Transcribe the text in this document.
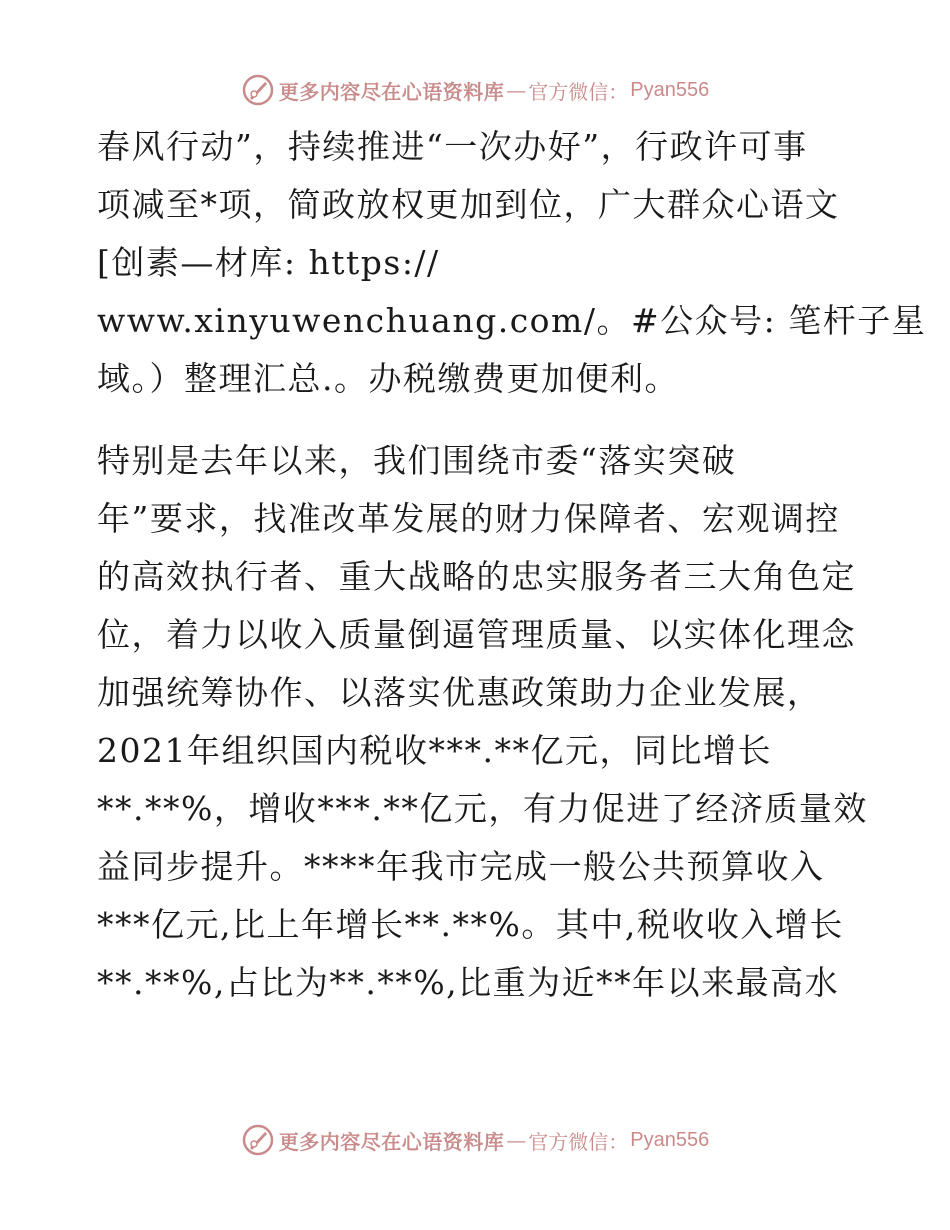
更多内容尽在心语资料库 — 官方微信： Pyan556
春风行动”，持续推进“一次办好”，行政许可事
项减至*项，简政放权更加到位，广大群众心语文
[创素—材库: https://
www.xinyuwenchuang.com/。#公众号: 笔杆子星
域。）整理汇总.。办税缴费更加便利。
特别是去年以来，我们围绕市委“落实突破
年”要求，找准改革发展的财力保障者、宏观调控
的高效执行者、重大战略的忠实服务者三大角色定
位，着力以收入质量倒逼管理质量、以实体化理念
加强统筹协作、以落实优惠政策助力企业发展，
2021年组织国内税收***.**亿元，同比增长
**.**%，增收***.**亿元，有力促进了经济质量效
益同步提升。****年我市完成一般公共预算收入
***亿元,比上年增长**.**%。其中,税收收入增长
**.**%,占比为**.**%,比重为近**年以来最高水
更多内容尽在心语资料库 — 官方微信： Pyan556
